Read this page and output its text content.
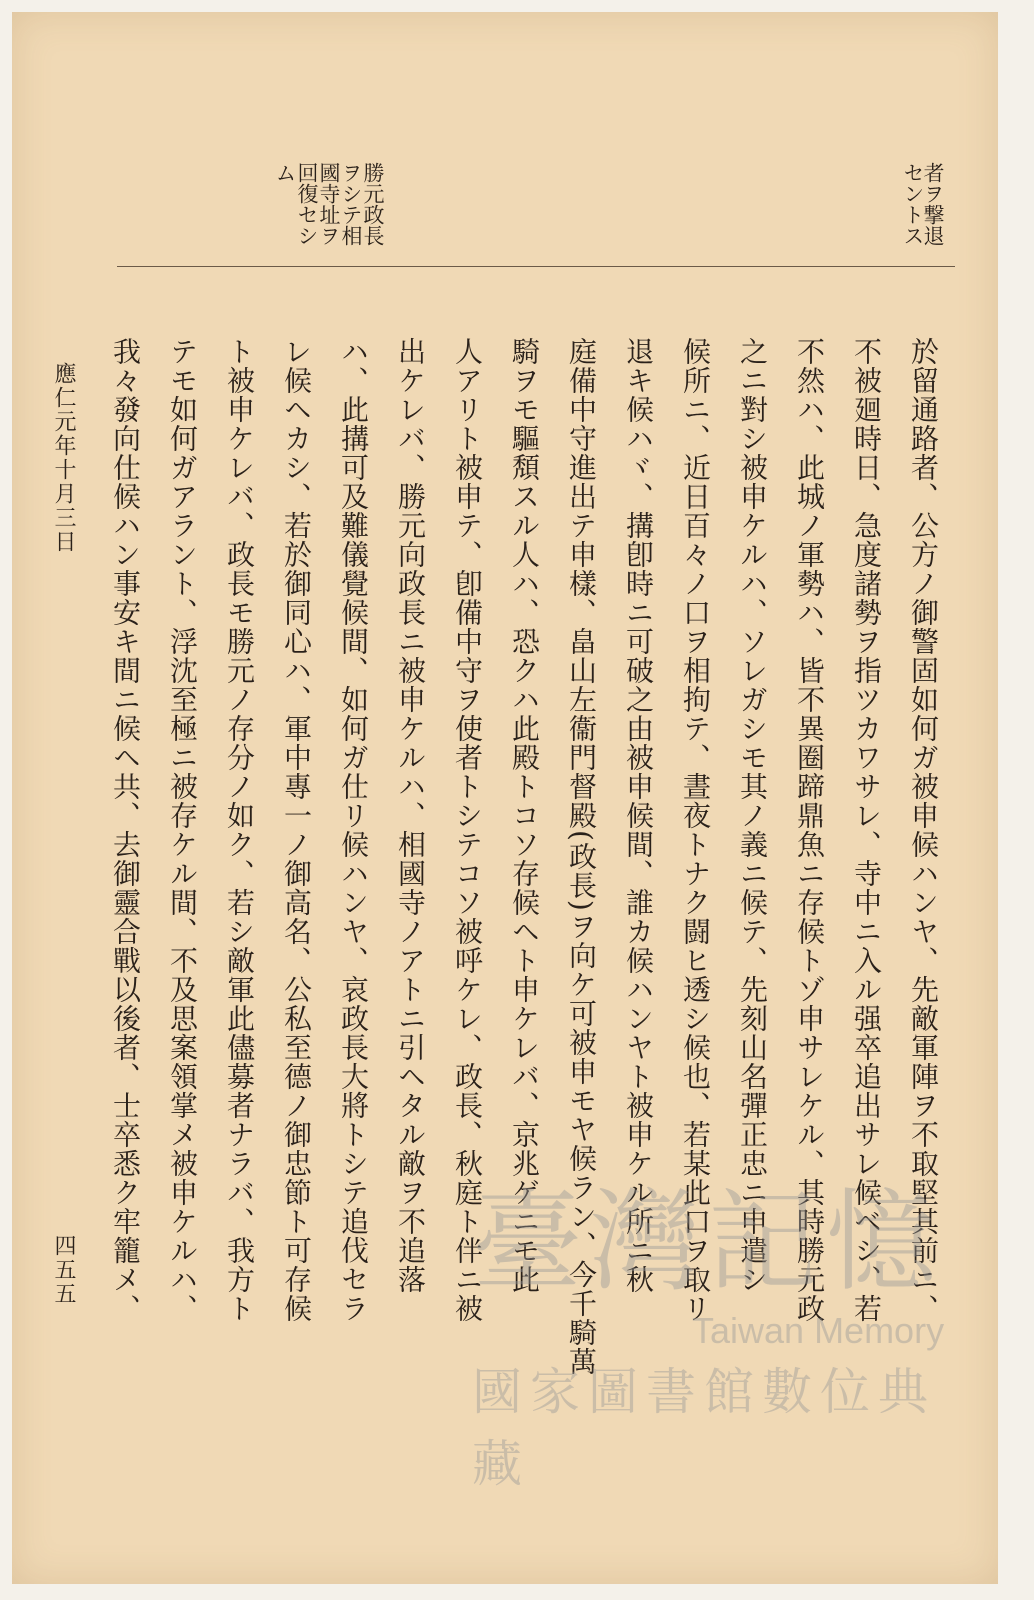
者ヲ撃退
セントス
勝元政長
ヲシテ相
國寺址ヲ
回復セシ
ム
於留通路者、公方ノ御警固如何ガ被申候ハンヤ、先敵軍陣ヲ不取堅其前ニ、
不被廻時日、急度諸勢ヲ指ツカワサレ、寺中ニ入ル强卒追出サレ候ベシ、若
不然ハ、此城ノ軍勢ハ、皆不異圈蹄鼎魚ニ存候トゾ申サレケル、其時勝元政
之ニ對シ被申ケルハ、ソレガシモ其ノ義ニ候テ、先刻山名彈正忠ニ申遣シ
候所ニ、近日百々ノ口ヲ相拘テ、晝夜トナク闘ヒ透シ候也、若某此口ヲ取リ
退キ候ハヾ、搆卽時ニ可破之由被申候間、誰カ候ハンヤト被申ケル所ニ秋
庭備中守進出テ申樣、畠山左衞門督殿(政長)ヲ向ケ可被申モヤ候ラン、今千騎萬
騎ヲモ驅頽スル人ハ、恐クハ此殿トコソ存候ヘト申ケレバ、京兆ゲニモ此
人アリト被申テ、卽備中守ヲ使者トシテコソ被呼ケレ、政長、秋庭ト伴ニ被
出ケレバ、勝元向政長ニ被申ケルハ、相國寺ノアトニ引ヘタル敵ヲ不追落
ハ、此搆可及難儀覺候間、如何ガ仕リ候ハンヤ、哀政長大將トシテ追伐セラ
レ候ヘカシ、若於御同心ハ、軍中專一ノ御高名、公私至德ノ御忠節ト可存候
ト被申ケレバ、政長モ勝元ノ存分ノ如ク、若シ敵軍此儘募者ナラバ、我方ト
テモ如何ガアラント、浮沈至極ニ被存ケル間、不及思案領掌メ被申ケルハ、
我々發向仕候ハン事安キ間ニ候ヘ共、去御靈合戰以後者、士卒悉ク牢籠メ、
應仁元年十月三日
四五五	臺灣記憶
Taiwan Memory
國家圖書館數位典藏
